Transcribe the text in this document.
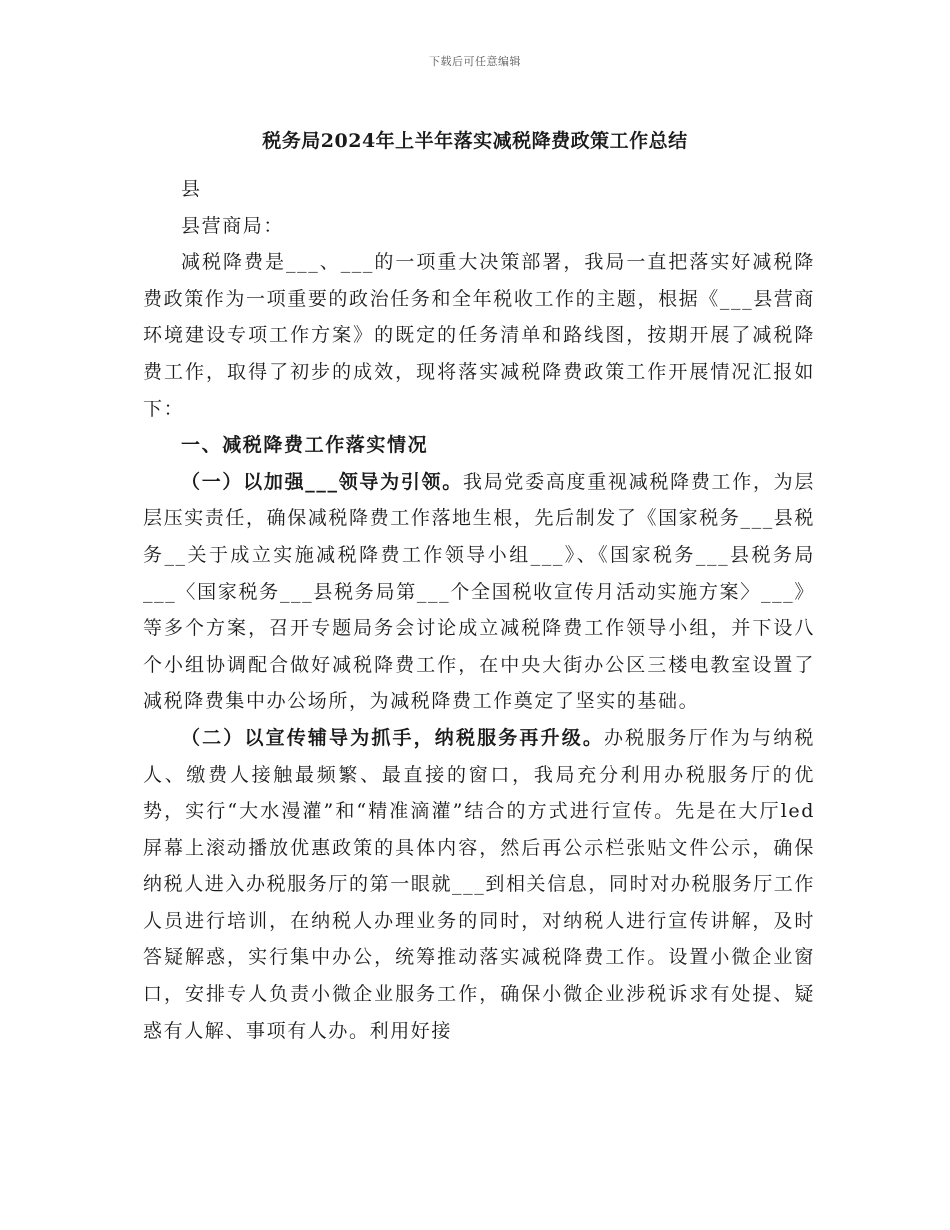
下载后可任意编辑
税务局2024年上半年落实减税降费政策工作总结

县

县营商局：

减税降费是___、___的一项重大决策部署，我局一直把落实好减税降费政策作为一项重要的政治任务和全年税收工作的主题，根据《___县营商环境建设专项工作方案》的既定的任务清单和路线图，按期开展了减税降费工作，取得了初步的成效，现将落实减税降费政策工作开展情况汇报如下：

一、减税降费工作落实情况

（一）以加强___领导为引领。我局党委高度重视减税降费工作，为层层压实责任，确保减税降费工作落地生根，先后制发了《国家税务___县税务__关于成立实施减税降费工作领导小组___》、《国家税务___县税务局___〈国家税务___县税务局第___个全国税收宣传月活动实施方案〉___》等多个方案，召开专题局务会讨论成立减税降费工作领导小组，并下设八个小组协调配合做好减税降费工作，在中央大街办公区三楼电教室设置了减税降费集中办公场所，为减税降费工作奠定了坚实的基础。

（二）以宣传辅导为抓手，纳税服务再升级。办税服务厅作为与纳税人、缴费人接触最频繁、最直接的窗口，我局充分利用办税服务厅的优势，实行“大水漫灌”和“精准滴灌”结合的方式进行宣传。先是在大厅led屏幕上滚动播放优惠政策的具体内容，然后再公示栏张贴文件公示，确保纳税人进入办税服务厅的第一眼就___到相关信息，同时对办税服务厅工作人员进行培训，在纳税人办理业务的同时，对纳税人进行宣传讲解，及时答疑解惑，实行集中办公，统筹推动落实减税降费工作。设置小微企业窗口，安排专人负责小微企业服务工作，确保小微企业涉税诉求有处提、疑惑有人解、事项有人办。利用好接
